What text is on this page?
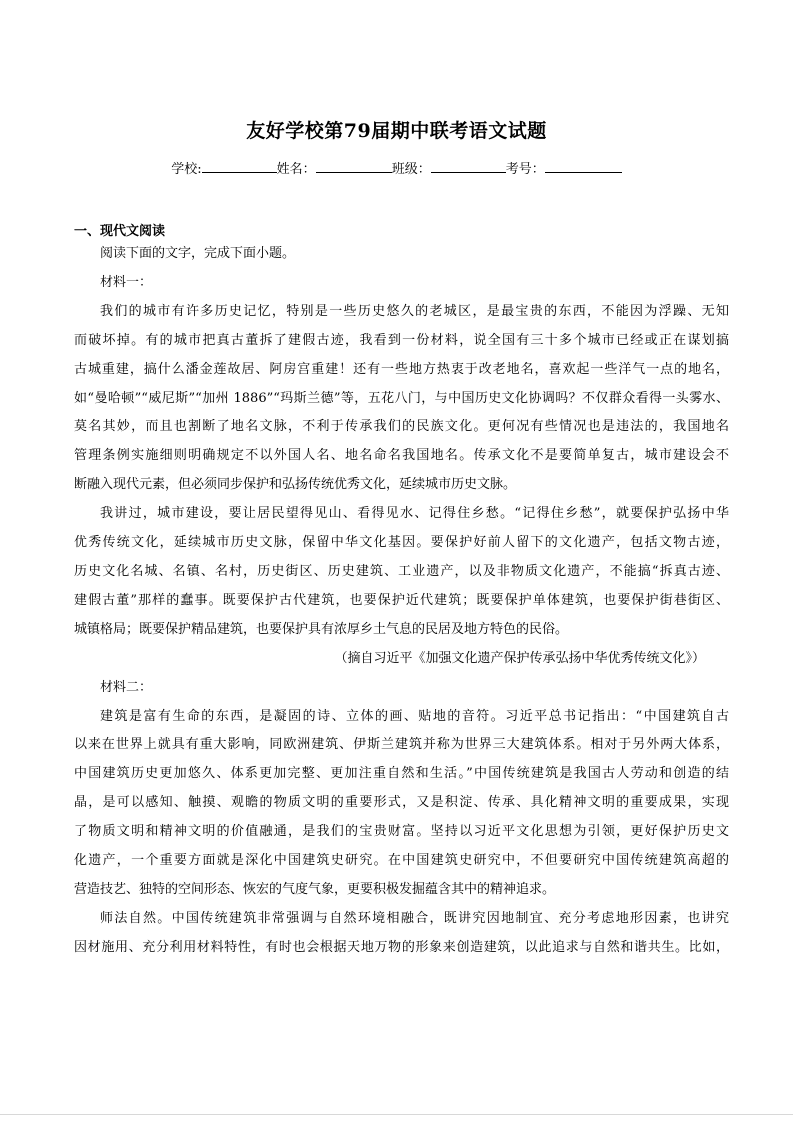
友好学校第79届期中联考语文试题
学校:	姓名：	班级：	考号：
一、现代文阅读

阅读下面的文字，完成下面小题。

材料一：

我们的城市有许多历史记忆，特别是一些历史悠久的老城区，是最宝贵的东西，不能因为浮躁、无知
而破坏掉。有的城市把真古董拆了建假古迹，我看到一份材料，说全国有三十多个城市已经或正在谋划搞
古城重建，搞什么潘金莲故居、阿房宫重建！还有一些地方热衷于改老地名，喜欢起一些洋气一点的地名，
如“曼哈顿”“威尼斯”“加州 1886”“玛斯兰德”等，五花八门，与中国历史文化协调吗？不仅群众看得一头雾水、
莫名其妙，而且也割断了地名文脉，不利于传承我们的民族文化。更何况有些情况也是违法的，我国地名
管理条例实施细则明确规定不以外国人名、地名命名我国地名。传承文化不是要简单复古，城市建设会不
断融入现代元素，但必须同步保护和弘扬传统优秀文化，延续城市历史文脉。

我讲过，城市建设，要让居民望得见山、看得见水、记得住乡愁。“记得住乡愁”，就要保护弘扬中华
优秀传统文化，延续城市历史文脉，保留中华文化基因。要保护好前人留下的文化遗产，包括文物古迹，
历史文化名城、名镇、名村，历史街区、历史建筑、工业遗产，以及非物质文化遗产，不能搞“拆真古迹、
建假古董”那样的蠢事。既要保护古代建筑，也要保护近代建筑；既要保护单体建筑，也要保护街巷街区、
城镇格局；既要保护精品建筑，也要保护具有浓厚乡土气息的民居及地方特色的民俗。

（摘自习近平《加强文化遗产保护传承弘扬中华优秀传统文化》）

材料二：

建筑是富有生命的东西，是凝固的诗、立体的画、贴地的音符。习近平总书记指出：“中国建筑自古
以来在世界上就具有重大影响，同欧洲建筑、伊斯兰建筑并称为世界三大建筑体系。相对于另外两大体系，
中国建筑历史更加悠久、体系更加完整、更加注重自然和生活。”中国传统建筑是我国古人劳动和创造的结
晶，是可以感知、触摸、观瞻的物质文明的重要形式，又是积淀、传承、具化精神文明的重要成果，实现
了物质文明和精神文明的价值融通，是我们的宝贵财富。坚持以习近平文化思想为引领，更好保护历史文
化遗产，一个重要方面就是深化中国建筑史研究。在中国建筑史研究中，不但要研究中国传统建筑高超的
营造技艺、独特的空间形态、恢宏的气度气象，更要积极发掘蕴含其中的精神追求。

师法自然。中国传统建筑非常强调与自然环境相融合，既讲究因地制宜、充分考虑地形因素，也讲究
因材施用、充分利用材料特性，有时也会根据天地万物的形象来创造建筑，以此追求与自然和谐共生。比如，
